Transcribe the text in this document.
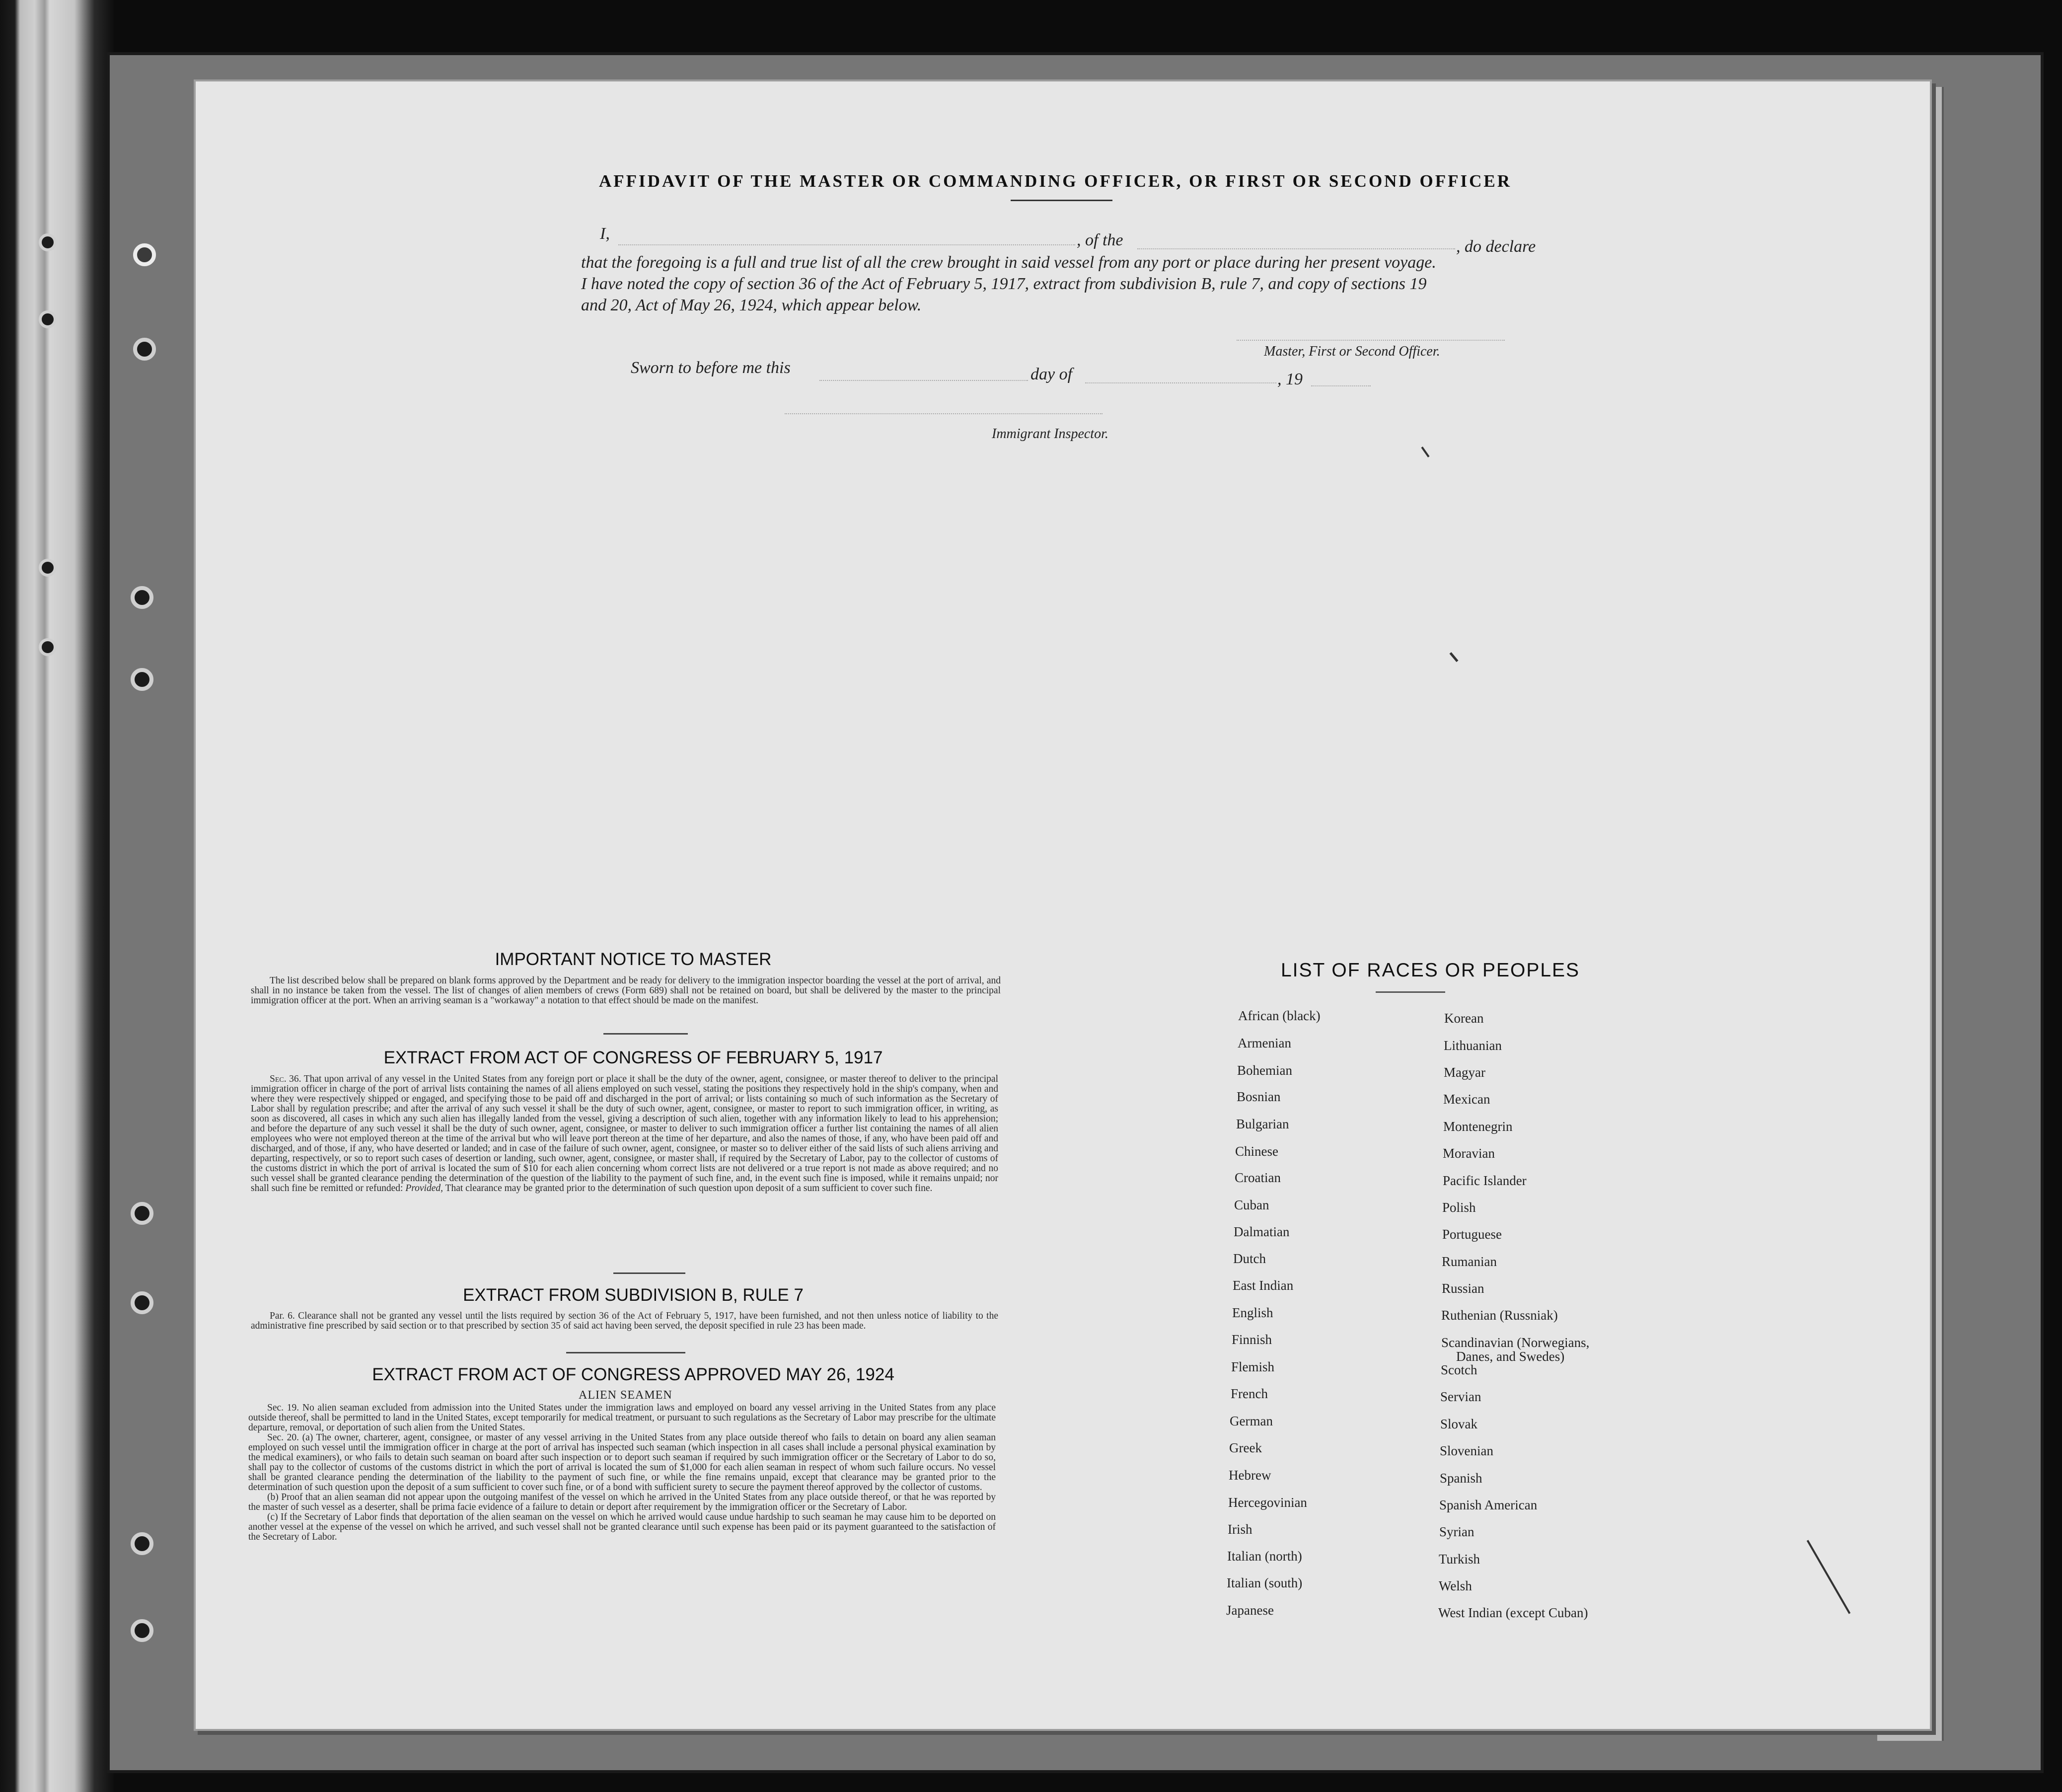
AFFIDAVIT OF THE MASTER OR COMMANDING OFFICER, OR FIRST OR SECOND OFFICER
I,	, of the	, do declare
that the foregoing is a full and true list of all the crew brought in said vessel from any port or place during her present voyage.
I have noted the copy of section 36 of the Act of February 5, 1917, extract from subdivision B, rule 7, and copy of sections 19
and 20, Act of May 26, 1924, which appear below.
Master, First or Second Officer.
Sworn to before me this	day of	, 19
Immigrant Inspector.
IMPORTANT NOTICE TO MASTER

The list described below shall be prepared on blank forms approved by the Department and be ready for delivery to the immigration inspector boarding the vessel at the port of arrival, and shall in no instance be taken from the vessel. The list of changes of alien members of crews (Form 689) shall not be retained on board, but shall be delivered by the master to the principal immigration officer at the port. When an arriving seaman is a "workaway" a notation to that effect should be made on the manifest.

EXTRACT FROM ACT OF CONGRESS OF FEBRUARY 5, 1917

Sec. 36. That upon arrival of any vessel in the United States from any foreign port or place it shall be the duty of the owner, agent, consignee, or master thereof to deliver to the principal immigration officer in charge of the port of arrival lists containing the names of all aliens employed on such vessel, stating the positions they respectively hold in the ship's company, when and where they were respectively shipped or engaged, and specifying those to be paid off and discharged in the port of arrival; or lists containing so much of such information as the Secretary of Labor shall by regulation prescribe; and after the arrival of any such vessel it shall be the duty of such owner, agent, consignee, or master to report to such immigration officer, in writing, as soon as discovered, all cases in which any such alien has illegally landed from the vessel, giving a description of such alien, together with any information likely to lead to his apprehension; and before the departure of any such vessel it shall be the duty of such owner, agent, consignee, or master to deliver to such immigration officer a further list containing the names of all alien employees who were not employed thereon at the time of the arrival but who will leave port thereon at the time of her departure, and also the names of those, if any, who have been paid off and discharged, and of those, if any, who have deserted or landed; and in case of the failure of such owner, agent, consignee, or master so to deliver either of the said lists of such aliens arriving and departing, respectively, or so to report such cases of desertion or landing, such owner, agent, consignee, or master shall, if required by the Secretary of Labor, pay to the collector of customs of the customs district in which the port of arrival is located the sum of $10 for each alien concerning whom correct lists are not delivered or a true report is not made as above required; and no such vessel shall be granted clearance pending the determination of the question of the liability to the payment of such fine, and, in the event such fine is imposed, while it remains unpaid; nor shall such fine be remitted or refunded: Provided, That clearance may be granted prior to the determination of such question upon deposit of a sum sufficient to cover such fine.

EXTRACT FROM SUBDIVISION B, RULE 7

Par. 6. Clearance shall not be granted any vessel until the lists required by section 36 of the Act of February 5, 1917, have been furnished, and not then unless notice of liability to the administrative fine prescribed by said section or to that prescribed by section 35 of said act having been served, the deposit specified in rule 23 has been made.

EXTRACT FROM ACT OF CONGRESS APPROVED MAY 26, 1924
ALIEN SEAMEN

Sec. 19. No alien seaman excluded from admission into the United States under the immigration laws and employed on board any vessel arriving in the United States from any place outside thereof, shall be permitted to land in the United States, except temporarily for medical treatment, or pursuant to such regulations as the Secretary of Labor may prescribe for the ultimate departure, removal, or deportation of such alien from the United States.

Sec. 20. (a) The owner, charterer, agent, consignee, or master of any vessel arriving in the United States from any place outside thereof who fails to detain on board any alien seaman employed on such vessel until the immigration officer in charge at the port of arrival has inspected such seaman (which inspection in all cases shall include a personal physical examination by the medical examiners), or who fails to detain such seaman on board after such inspection or to deport such seaman if required by such immigration officer or the Secretary of Labor to do so, shall pay to the collector of customs of the customs district in which the port of arrival is located the sum of $1,000 for each alien seaman in respect of whom such failure occurs. No vessel shall be granted clearance pending the determination of the liability to the payment of such fine, or while the fine remains unpaid, except that clearance may be granted prior to the determination of such question upon the deposit of a sum sufficient to cover such fine, or of a bond with sufficient surety to secure the payment thereof approved by the collector of customs.

(b) Proof that an alien seaman did not appear upon the outgoing manifest of the vessel on which he arrived in the United States from any place outside thereof, or that he was reported by the master of such vessel as a deserter, shall be prima facie evidence of a failure to detain or deport after requirement by the immigration officer or the Secretary of Labor.

(c) If the Secretary of Labor finds that deportation of the alien seaman on the vessel on which he arrived would cause undue hardship to such seaman he may cause him to be deported on another vessel at the expense of the vessel on which he arrived, and such vessel shall not be granted clearance until such expense has been paid or its payment guaranteed to the satisfaction of the Secretary of Labor.

LIST OF RACES OR PEOPLES
African (black)
Armenian
Bohemian
Bosnian
Bulgarian
Chinese
Croatian
Cuban
Dalmatian
Dutch
East Indian
English
Finnish
Flemish
French
German
Greek
Hebrew
Hercegovinian
Irish
Italian (north)
Italian (south)
Japanese
Korean
Lithuanian
Magyar
Mexican
Montenegrin
Moravian
Pacific Islander
Polish
Portuguese
Rumanian
Russian
Ruthenian (Russniak)
Scandinavian (Norwegians,
Danes, and Swedes)
Scotch
Servian
Slovak
Slovenian
Spanish
Spanish American
Syrian
Turkish
Welsh
West Indian (except Cuban)
